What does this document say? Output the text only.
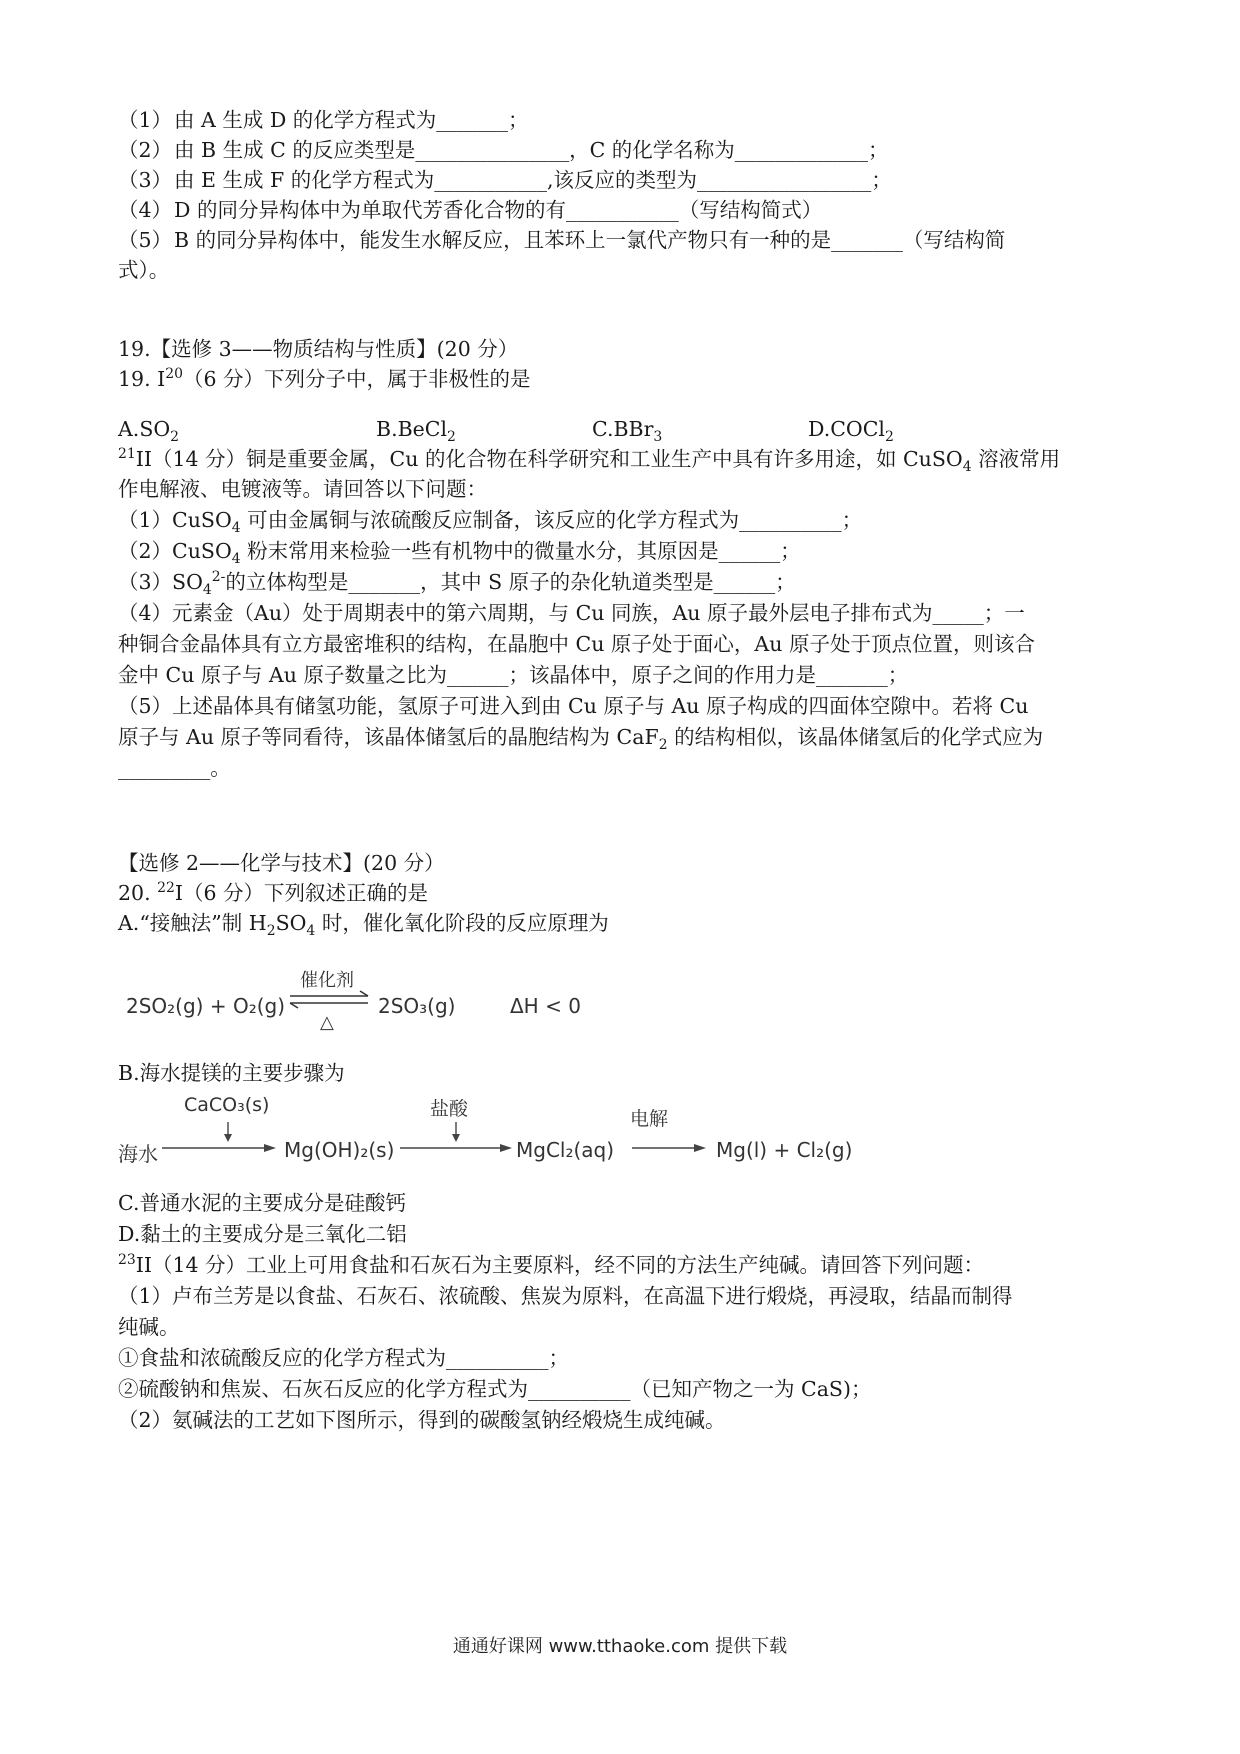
（1）由 A 生成 D 的化学方程式为_______；
（2）由 B 生成 C 的反应类型是_______________，C 的化学名称为_____________；
（3）由 E 生成 F 的化学方程式为___________,该反应的类型为_________________；
（4）D 的同分异构体中为单取代芳香化合物的有___________（写结构简式）
（5）B 的同分异构体中，能发生水解反应，且苯环上一氯代产物只有一种的是_______（写结构简
式）。
19.【选修 3——物质结构与性质】(20 分）
19. $I^{20}(6$ 分）下列分子中，属于非极性的是
$A.SO_2$	B.BeCl$_2$	C.BBr$_3$	D.COCl$_2$
$^{21}$II（14 分）铜是重要金属，Cu 的化合物在科学研究和工业生产中具有许多用途，如 CuSO$_4$ 溶液常用
作电解液、电镀液等。请回答以下问题：
（1）CuSO$_4$ 可由金属铜与浓硫酸反应制备，该反应的化学方程式为__________；
（2）CuSO$_4$ 粉末常用来检验一些有机物中的微量水分，其原因是______；
$(3)SO_4^{2-}$的立体构型是_______，其中 S 原子的杂化轨道类型是______；
（4）元素金（Au）处于周期表中的第六周期，与 Cu 同族，Au 原子最外层电子排布式为_____；一
种铜合金晶体具有立方最密堆积的结构，在晶胞中 Cu 原子处于面心，Au 原子处于顶点位置，则该合
金中 Cu 原子与 Au 原子数量之比为______；该晶体中，原子之间的作用力是_______；
（5）上述晶体具有储氢功能，氢原子可进入到由 Cu 原子与 Au 原子构成的四面体空隙中。若将 Cu
原子与 Au 原子等同看待，该晶体储氢后的晶胞结构为 CaF$_2$ 的结构相似，该晶体储氢后的化学式应为
_________。
【选修 2——化学与技术】(20 分）
20. $^{22}$I（6 分）下列叙述正确的是
A.“接触法”制 $H_2SO_4$ 时，催化氧化阶段的反应原理为
2SO₂(g) + O₂(g)
催化剂
△
2SO₃(g)	ΔH < 0
B.海水提镁的主要步骤为
CaCO₃(s)	盐酸	电解
海水	Mg(OH)₂(s)	MgCl₂(aq)	Mg(l) + Cl₂(g)
C.普通水泥的主要成分是硅酸钙
D.黏土的主要成分是三氧化二铝
$^{23}$II（14 分）工业上可用食盐和石灰石为主要原料，经不同的方法生产纯碱。请回答下列问题：
（1）卢布兰芳是以食盐、石灰石、浓硫酸、焦炭为原料，在高温下进行煅烧，再浸取，结晶而制得
纯碱。
①食盐和浓硫酸反应的化学方程式为__________；
②硫酸钠和焦炭、石灰石反应的化学方程式为__________（已知产物之一为 CaS)；
（2）氨碱法的工艺如下图所示，得到的碳酸氢钠经煅烧生成纯碱。
通通好课网 www.tthaoke.com 提供下载
